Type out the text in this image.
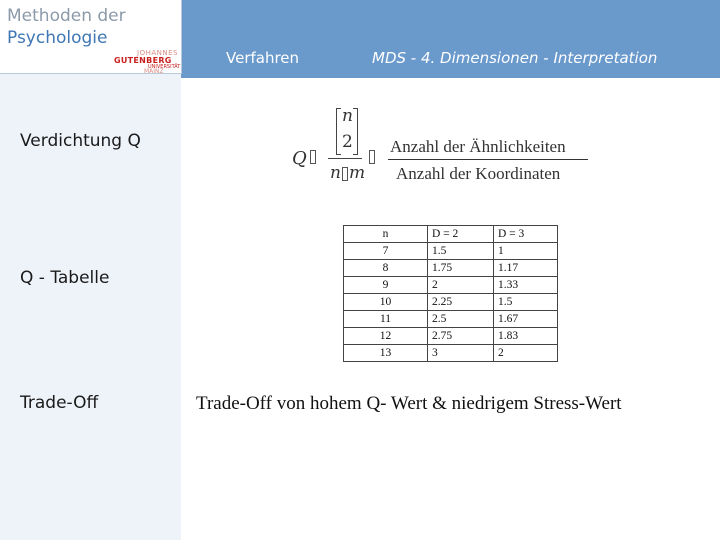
Methoden der
Psychologie
JOHANNES
GUTENBERG
UNIVERSITÄT
MAINZ
Verfahren	MDS - 4. Dimensionen - Interpretation
Verdichtung Q
Q - Tabelle
Trade-Off
Q
n
2
n m
Anzahl der Ähnlichkeiten
Anzahl der Koordinaten
n	D = 2	D = 3
7	1.5	1
8	1.75	1.17
9	2	1.33
10	2.25	1.5
11	2.5	1.67
12	2.75	1.83
13	3	2
Trade-Off von hohem Q- Wert & niedrigem Stress-Wert
